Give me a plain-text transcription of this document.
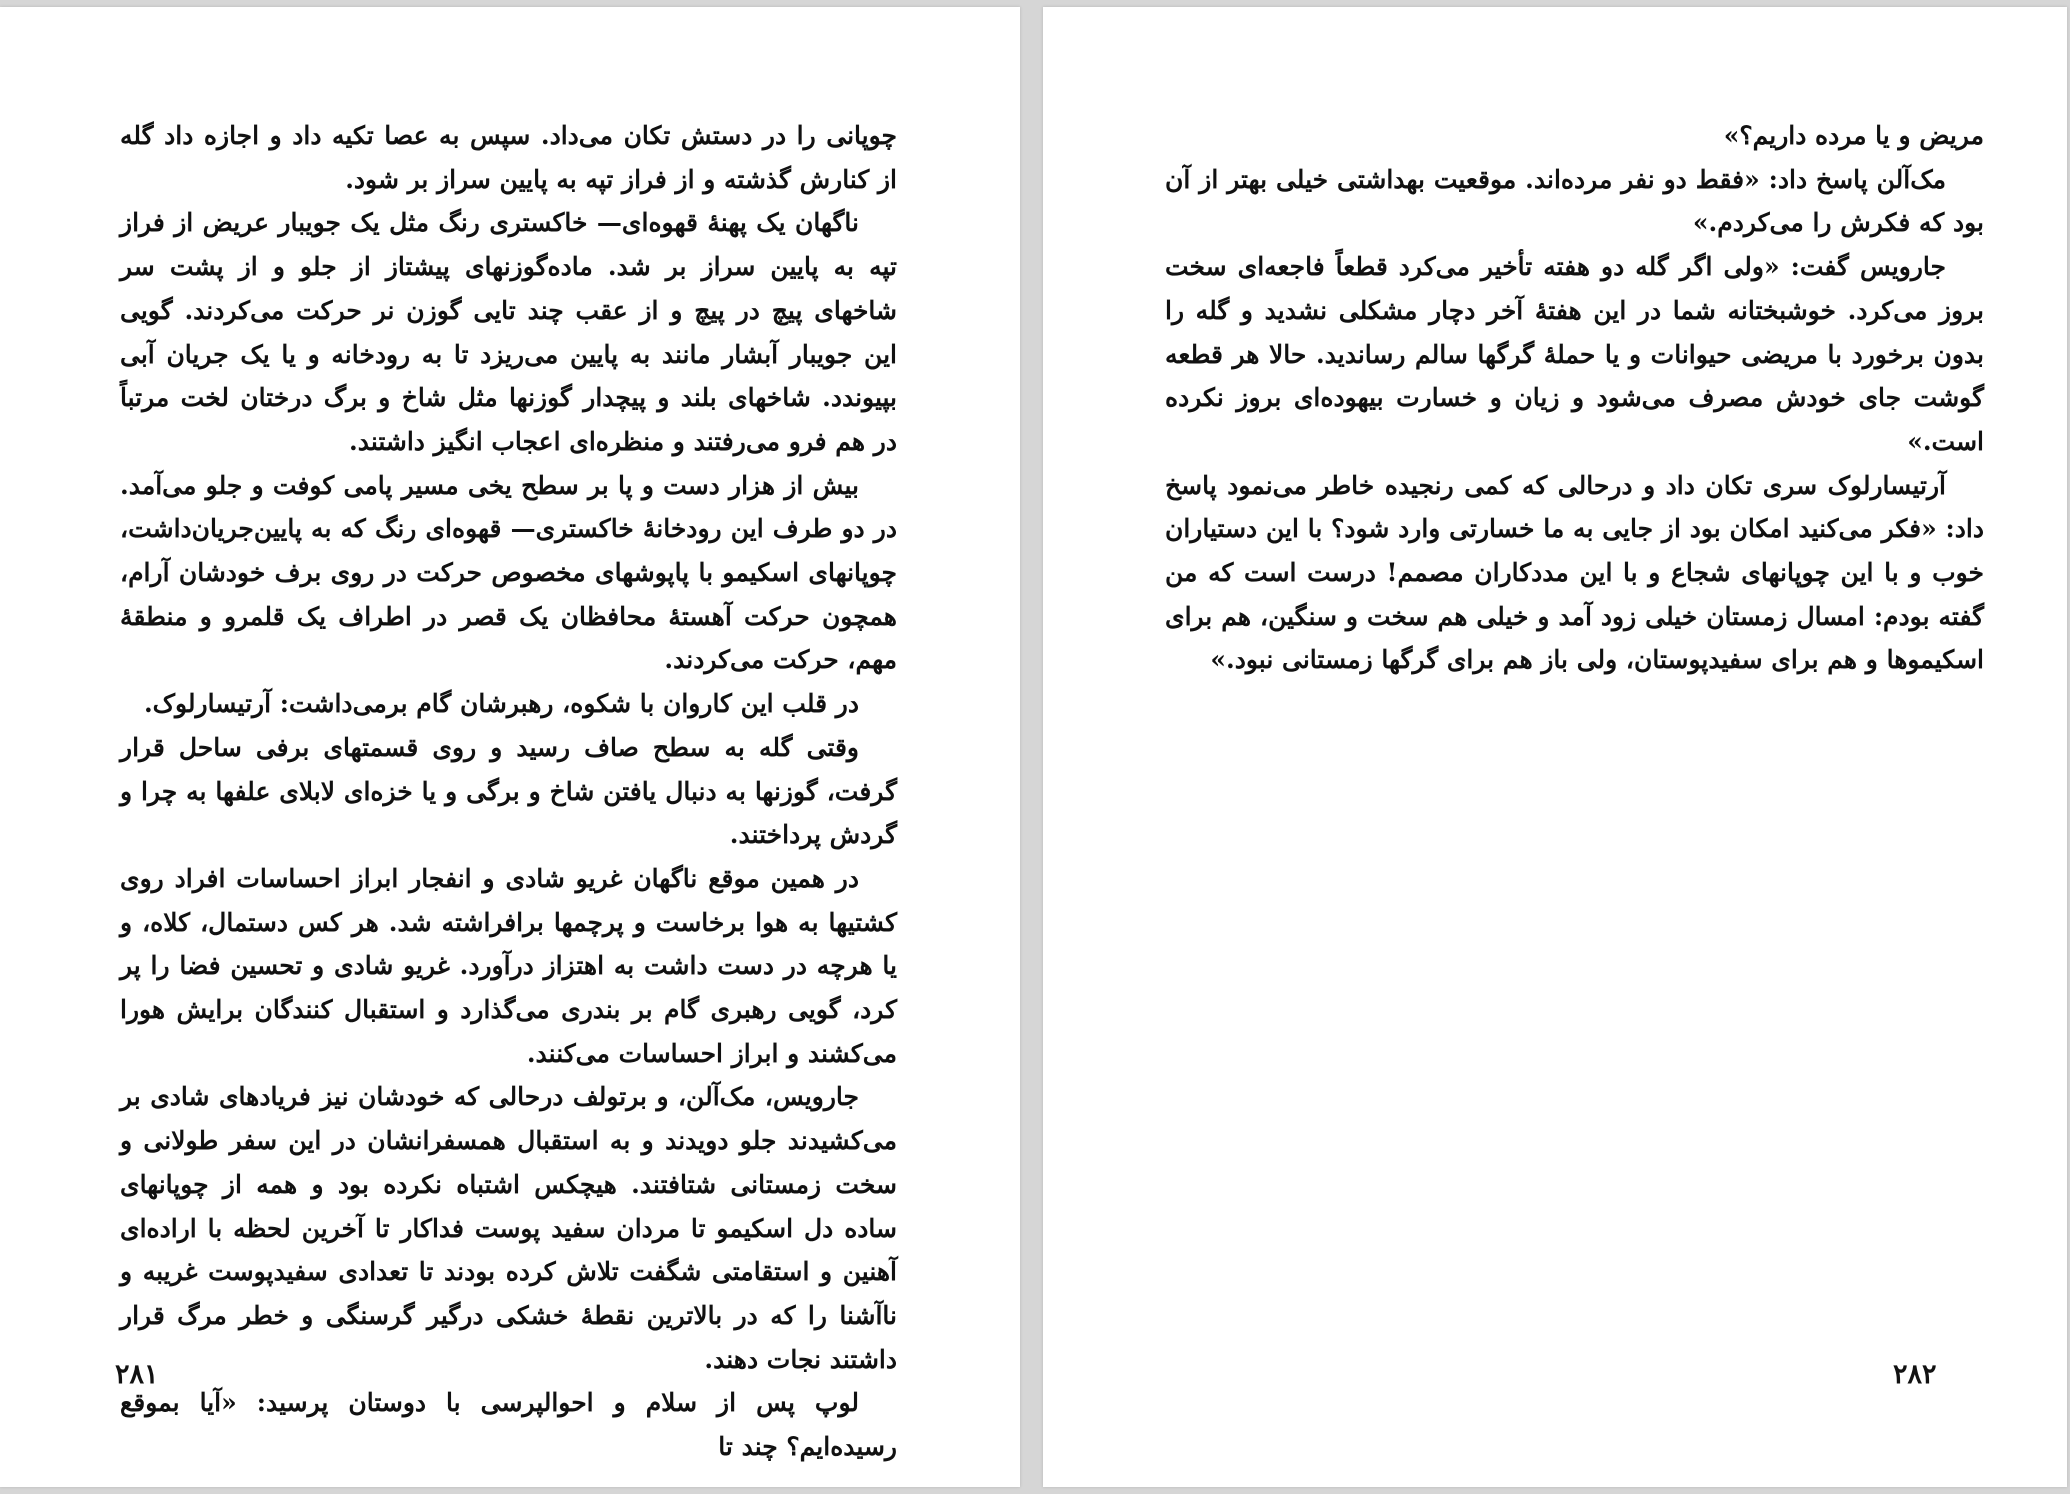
چوپانی را در دستش تکان می‌داد. سپس به عصا تکیه داد و اجازه داد گله از کنارش گذشته و از فراز تپه به پایین سراز بر شود.

ناگهان یک پهنهٔ قهوه‌ای— خاکستری رنگ مثل یک جویبار عریض از فراز تپه به پایین سراز بر شد. ماده‌گوزنهای پیشتاز از جلو و از پشت سر شاخهای پیچ در پیچ و از عقب چند تایی گوزن نر حرکت می‌کردند. گویی این جویبار آبشار مانند به پایین می‌ریزد تا به رودخانه و یا یک جریان آبی بپیوندد. شاخهای بلند و پیچدار گوزنها مثل شاخ و برگ درختان لخت مرتباً در هم فرو می‌رفتند و منظره‌ای اعجاب انگیز داشتند.

بیش از هزار دست و پا بر سطح یخی مسیر پامی کوفت و جلو می‌آمد. در دو طرف این رودخانهٔ خاکستری— قهوه‌ای رنگ که به پایین‌جریان‌داشت، چوپانهای اسکیمو با پاپوشهای مخصوص حرکت در روی برف خودشان آرام، همچون حرکت آهستهٔ محافظان یک قصر در اطراف یک قلمرو و منطقهٔ مهم، حرکت می‌کردند.

در قلب این کاروان با شکوه، رهبرشان گام برمی‌داشت: آرتیسارلوک.

وقتی گله به سطح صاف رسید و روی قسمتهای برفی ساحل قرار گرفت، گوزنها به دنبال یافتن شاخ و برگی و یا خزه‌ای لابلای علفها به چرا و گردش پرداختند.

در همین موقع ناگهان غریو شادی و انفجار ابراز احساسات افراد روی کشتیها به هوا برخاست و پرچمها برافراشته شد. هر کس دستمال، کلاه، و یا هرچه در دست داشت به اهتزاز درآورد. غریو شادی و تحسین فضا را پر کرد، گویی رهبری گام بر بندری می‌گذارد و استقبال کنندگان برایش هورا می‌کشند و ابراز احساسات می‌کنند.

جارویس، مک‌آلن، و برتولف درحالی که خودشان نیز فریادهای شادی بر می‌کشیدند جلو دویدند و به استقبال همسفرانشان در این سفر طولانی و سخت زمستانی شتافتند. هیچکس اشتباه نکرده بود و همه از چوپانهای ساده دل اسکیمو تا مردان سفید پوست فداکار تا آخرین لحظه با اراده‌ای آهنین و استقامتی شگفت تلاش کرده بودند تا تعدادی سفیدپوست غریبه و ناآشنا را که در بالاترین نقطهٔ خشکی درگیر گرسنگی و خطر مرگ قرار داشتند نجات دهند.

لوپ پس از سلام و احوالپرسی با دوستان پرسید: «آیا بموقع رسیده‌ایم؟ چند تا

۲۸۱

مریض و یا مرده داریم؟»

مک‌آلن پاسخ داد: «فقط دو نفر مرده‌اند. موقعیت بهداشتی خیلی بهتر از آن بود که فکرش را می‌کردم.»

جارویس گفت: «ولی اگر گله دو هفته تأخیر می‌کرد قطعاً فاجعه‌ای سخت بروز می‌کرد. خوشبختانه شما در این هفتهٔ آخر دچار مشکلی نشدید و گله را بدون برخورد با مریضی حیوانات و یا حملهٔ گرگها سالم رساندید. حالا هر قطعه گوشت جای خودش مصرف می‌شود و زیان و خسارت بیهوده‌ای بروز نکرده است.»

آرتیسارلوک سری تکان داد و درحالی که کمی رنجیده خاطر می‌نمود پاسخ داد: «فکر می‌کنید امکان بود از جایی به ما خسارتی وارد شود؟ با این دستیاران خوب و با این چوپانهای شجاع و با این مددکاران مصمم! درست است که من گفته بودم: امسال زمستان خیلی زود آمد و خیلی هم سخت و سنگین، هم برای اسکیموها و هم برای سفیدپوستان، ولی باز هم برای گرگها زمستانی نبود.»

۲۸۲
